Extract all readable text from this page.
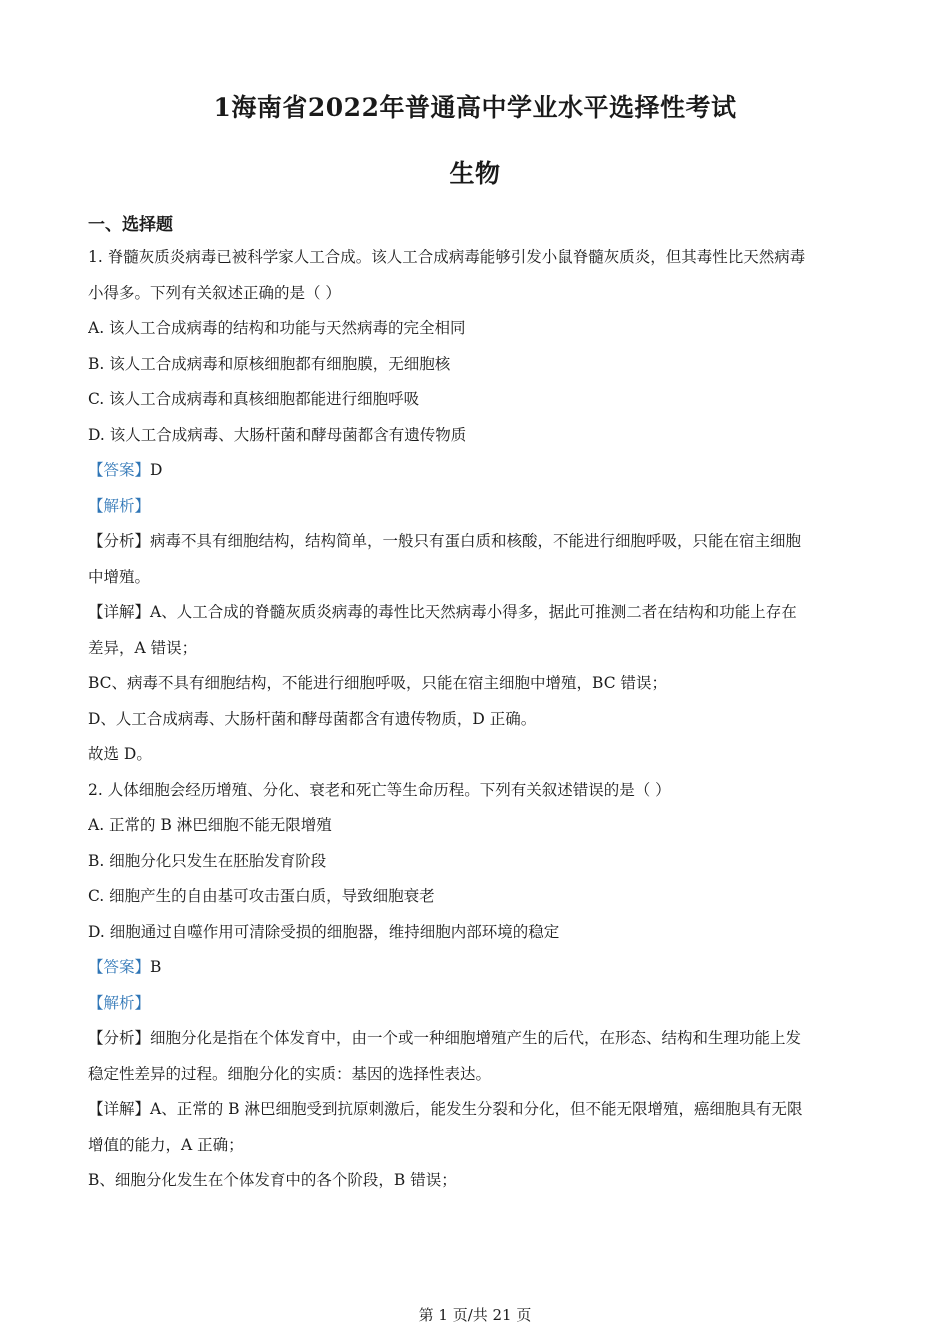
1海南省2022年普通高中学业水平选择性考试
生物
一、选择题
1. 脊髓灰质炎病毒已被科学家人工合成。该人工合成病毒能够引发小鼠脊髓灰质炎，但其毒性比天然病毒
小得多。下列有关叙述正确的是（ ）
A. 该人工合成病毒的结构和功能与天然病毒的完全相同
B. 该人工合成病毒和原核细胞都有细胞膜，无细胞核
C. 该人工合成病毒和真核细胞都能进行细胞呼吸
D. 该人工合成病毒、大肠杆菌和酵母菌都含有遗传物质
【答案】D
【解析】
【分析】病毒不具有细胞结构，结构简单，一般只有蛋白质和核酸，不能进行细胞呼吸，只能在宿主细胞
中增殖。
【详解】A、人工合成的脊髓灰质炎病毒的毒性比天然病毒小得多，据此可推测二者在结构和功能上存在
差异，A 错误；
BC、病毒不具有细胞结构，不能进行细胞呼吸，只能在宿主细胞中增殖，BC 错误；
D、人工合成病毒、大肠杆菌和酵母菌都含有遗传物质，D 正确。
故选 D。
2. 人体细胞会经历增殖、分化、衰老和死亡等生命历程。下列有关叙述错误的是（ ）
A. 正常的 B 淋巴细胞不能无限增殖
B. 细胞分化只发生在胚胎发育阶段
C. 细胞产生的自由基可攻击蛋白质，导致细胞衰老
D. 细胞通过自噬作用可清除受损的细胞器，维持细胞内部环境的稳定
【答案】B
【解析】
【分析】细胞分化是指在个体发育中，由一个或一种细胞增殖产生的后代，在形态、结构和生理功能上发
稳定性差异的过程。细胞分化的实质：基因的选择性表达。
【详解】A、正常的 B 淋巴细胞受到抗原刺激后，能发生分裂和分化，但不能无限增殖，癌细胞具有无限
增值的能力，A 正确；
B、细胞分化发生在个体发育中的各个阶段，B 错误；
第 1 页/共 21 页
